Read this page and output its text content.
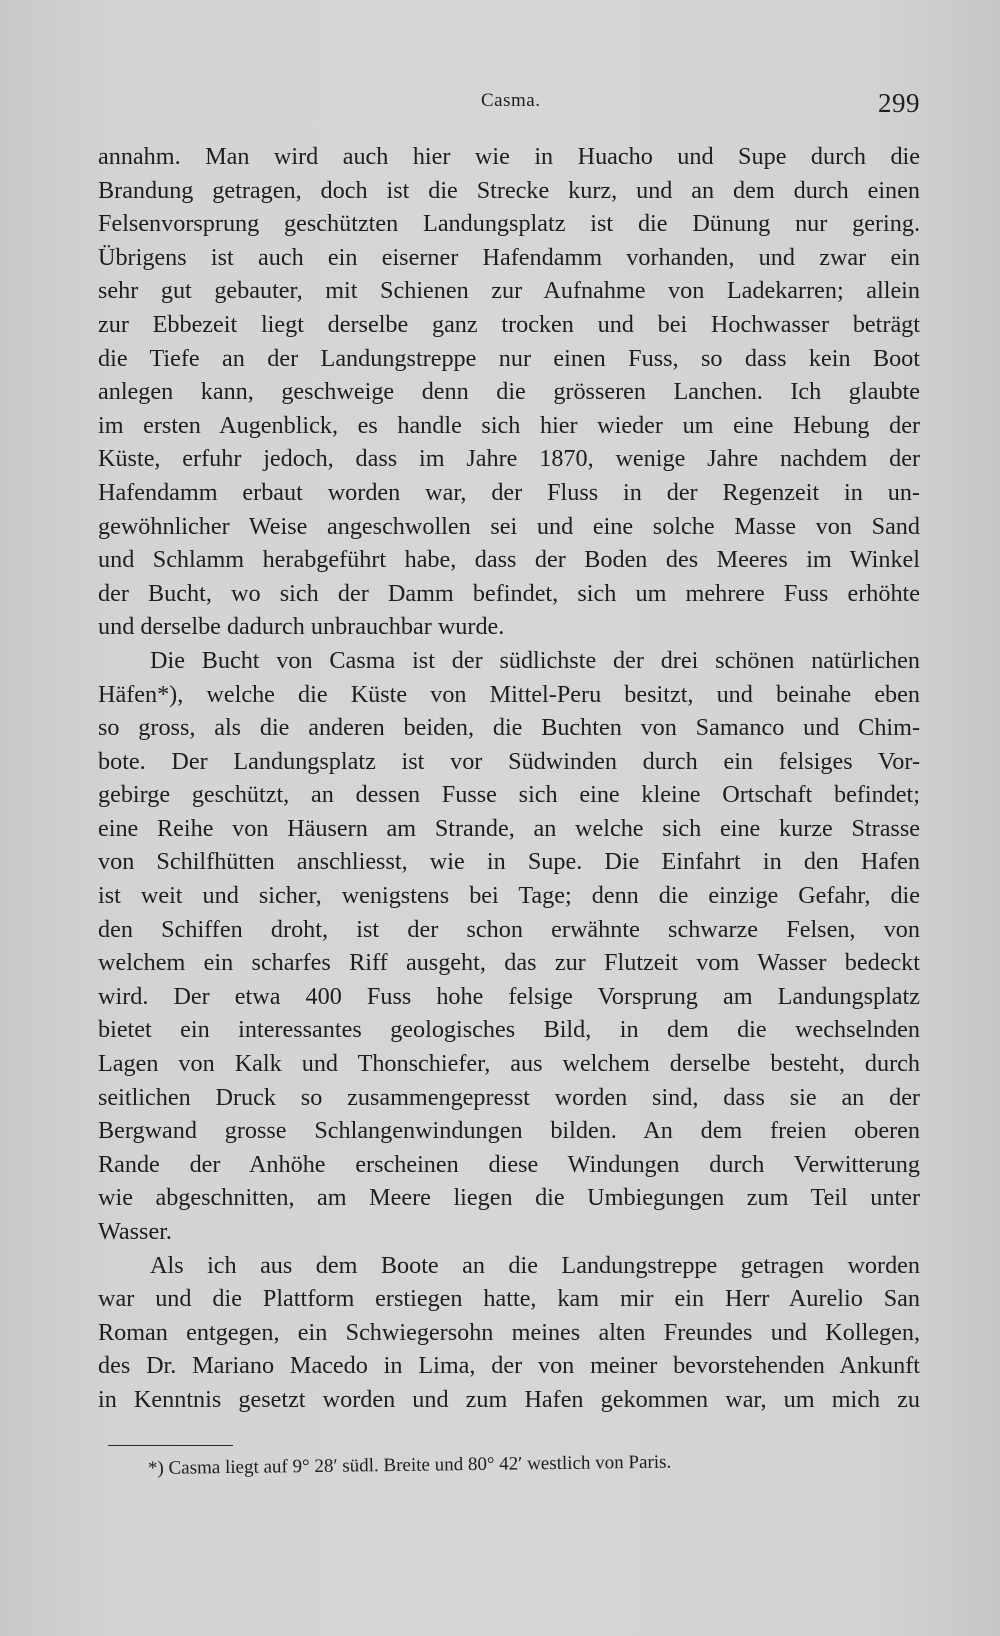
Casma.	299
annahm. Man wird auch hier wie in Huacho und Supe durch die
Brandung getragen, doch ist die Strecke kurz, und an dem durch einen
Felsenvorsprung geschützten Landungsplatz ist die Dünung nur gering.
Übrigens ist auch ein eiserner Hafendamm vorhanden, und zwar ein
sehr gut gebauter, mit Schienen zur Aufnahme von Ladekarren; allein
zur Ebbezeit liegt derselbe ganz trocken und bei Hochwasser beträgt
die Tiefe an der Landungstreppe nur einen Fuss, so dass kein Boot
anlegen kann, geschweige denn die grösseren Lanchen. Ich glaubte
im ersten Augenblick, es handle sich hier wieder um eine Hebung der
Küste, erfuhr jedoch, dass im Jahre 1870, wenige Jahre nachdem der
Hafendamm erbaut worden war, der Fluss in der Regenzeit in un-
gewöhnlicher Weise angeschwollen sei und eine solche Masse von Sand
und Schlamm herabgeführt habe, dass der Boden des Meeres im Winkel
der Bucht, wo sich der Damm befindet, sich um mehrere Fuss erhöhte
und derselbe dadurch unbrauchbar wurde.
Die Bucht von Casma ist der südlichste der drei schönen natürlichen
Häfen*), welche die Küste von Mittel-Peru besitzt, und beinahe eben
so gross, als die anderen beiden, die Buchten von Samanco und Chim-
bote. Der Landungsplatz ist vor Südwinden durch ein felsiges Vor-
gebirge geschützt, an dessen Fusse sich eine kleine Ortschaft befindet;
eine Reihe von Häusern am Strande, an welche sich eine kurze Strasse
von Schilfhütten anschliesst, wie in Supe. Die Einfahrt in den Hafen
ist weit und sicher, wenigstens bei Tage; denn die einzige Gefahr, die
den Schiffen droht, ist der schon erwähnte schwarze Felsen, von
welchem ein scharfes Riff ausgeht, das zur Flutzeit vom Wasser bedeckt
wird. Der etwa 400 Fuss hohe felsige Vorsprung am Landungsplatz
bietet ein interessantes geologisches Bild, in dem die wechselnden
Lagen von Kalk und Thonschiefer, aus welchem derselbe besteht, durch
seitlichen Druck so zusammengepresst worden sind, dass sie an der
Bergwand grosse Schlangenwindungen bilden. An dem freien oberen
Rande der Anhöhe erscheinen diese Windungen durch Verwitterung
wie abgeschnitten, am Meere liegen die Umbiegungen zum Teil unter
Wasser.
Als ich aus dem Boote an die Landungstreppe getragen worden
war und die Plattform erstiegen hatte, kam mir ein Herr Aurelio San
Roman entgegen, ein Schwiegersohn meines alten Freundes und Kollegen,
des Dr. Mariano Macedo in Lima, der von meiner bevorstehenden Ankunft
in Kenntnis gesetzt worden und zum Hafen gekommen war, um mich zu
*) Casma liegt auf 9° 28′ südl. Breite und 80° 42′ westlich von Paris.
